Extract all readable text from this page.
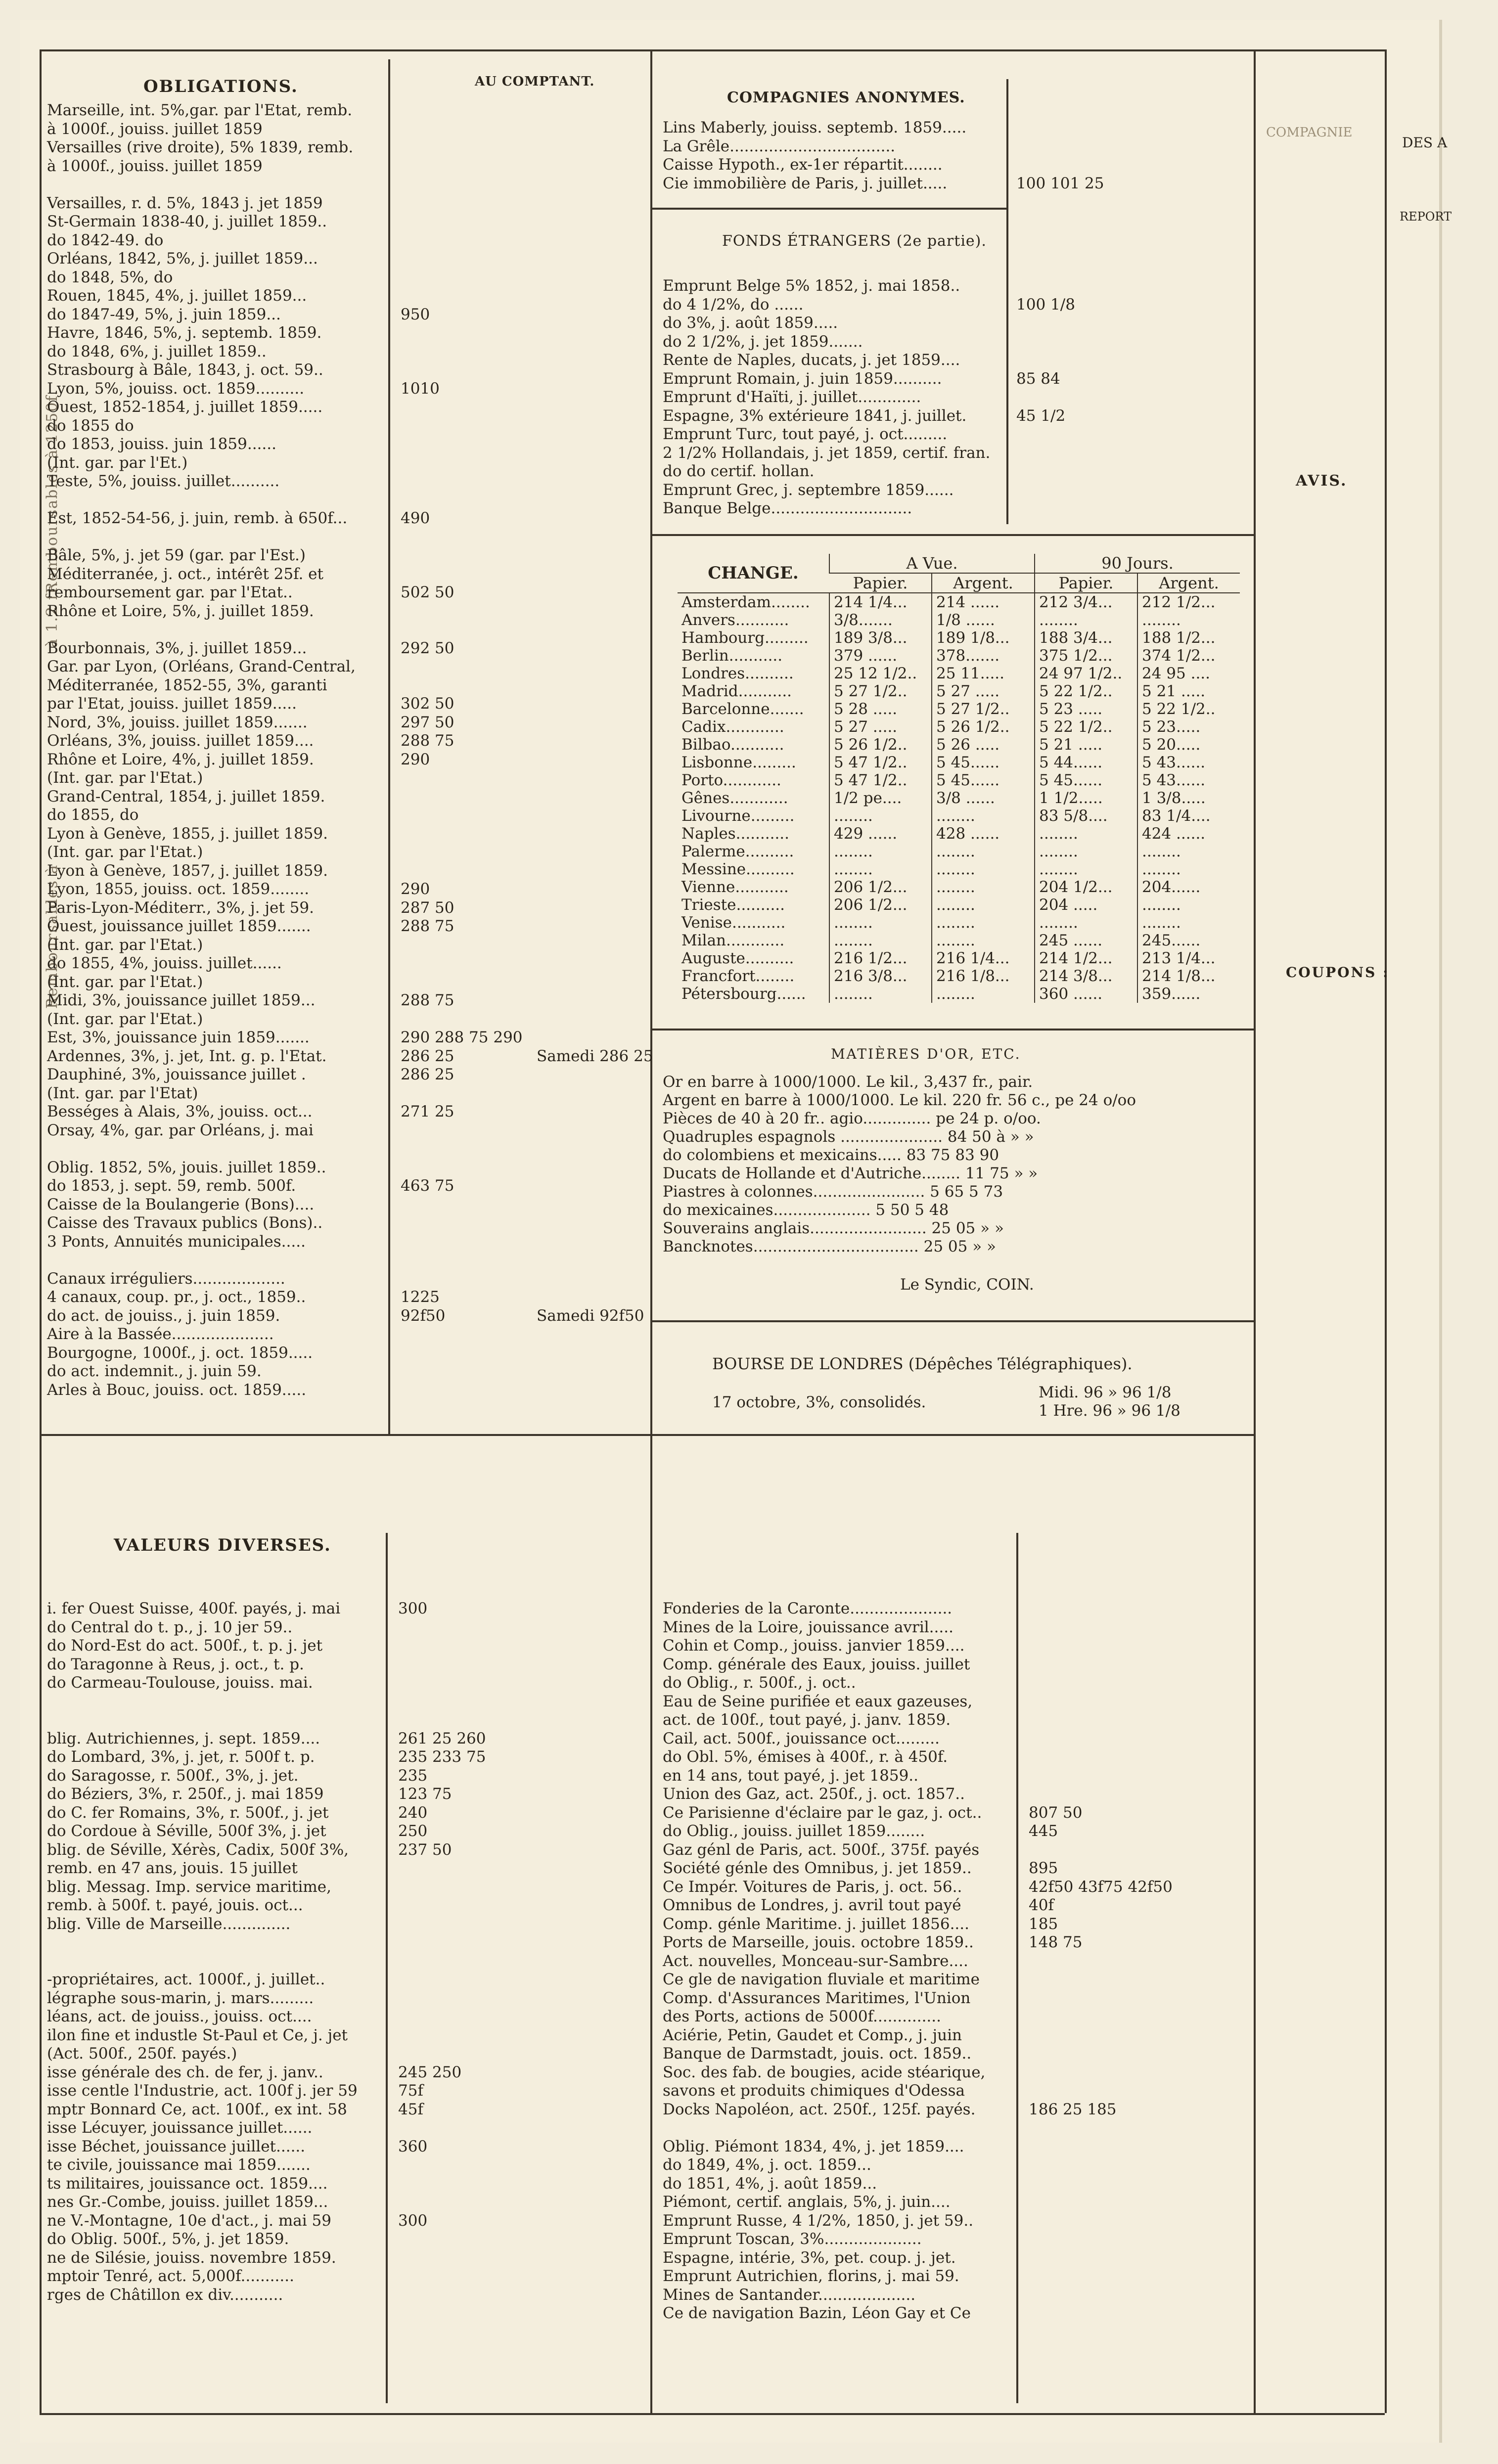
Remboursables à 1250f.
à 1.2 fr.
Remboursables à
OBLIGATIONS.	AU COMPTANT.
Marseille, int. 5%,gar. par l'Etat, remb.
à 1000f., jouiss. juillet 1859
Versailles (rive droite), 5% 1839, remb.
à 1000f., jouiss. juillet 1859
Versailles, r. d. 5%, 1843 j. jet 1859
St-Germain 1838-40, j. juillet 1859..
do 1842-49. do
Orléans, 1842, 5%, j. juillet 1859...
do 1848, 5%, do
Rouen, 1845, 4%, j. juillet 1859...
do 1847-49, 5%, j. juin 1859...	950
Havre, 1846, 5%, j. septemb. 1859.
do 1848, 6%, j. juillet 1859..
Strasbourg à Bâle, 1843, j. oct. 59..
Lyon, 5%, jouiss. oct. 1859..........	1010
Ouest, 1852-1854, j. juillet 1859.....
do 1855 do
do 1853, jouiss. juin 1859......
(Int. gar. par l'Et.)
Teste, 5%, jouiss. juillet..........
Est, 1852-54-56, j. juin, remb. à 650f...	490
Bâle, 5%, j. jet 59 (gar. par l'Est.)
Méditerranée, j. oct., intérêt 25f. et
remboursement gar. par l'Etat..	502 50
Rhône et Loire, 5%, j. juillet 1859.
Bourbonnais, 3%, j. juillet 1859...	292 50
Gar. par Lyon, (Orléans, Grand-Central,
Méditerranée, 1852-55, 3%, garanti
par l'Etat, jouiss. juillet 1859.....	302 50
Nord, 3%, jouiss. juillet 1859.......	297 50
Orléans, 3%, jouiss. juillet 1859....	288 75
Rhône et Loire, 4%, j. juillet 1859.	290
(Int. gar. par l'Etat.)
Grand-Central, 1854, j. juillet 1859.
do 1855, do
Lyon à Genève, 1855, j. juillet 1859.
(Int. gar. par l'Etat.)
Lyon à Genève, 1857, j. juillet 1859.
Lyon, 1855, jouiss. oct. 1859........	290
Paris-Lyon-Méditerr., 3%, j. jet 59.	287 50
Ouest, jouissance juillet 1859.......	288 75
(Int. gar. par l'Etat.)
do 1855, 4%, jouiss. juillet......
(Int. gar. par l'Etat.)
Midi, 3%, jouissance juillet 1859...	288 75
(Int. gar. par l'Etat.)
Est, 3%, jouissance juin 1859.......	290 288 75 290
Ardennes, 3%, j. jet, Int. g. p. l'Etat.	286 25	Samedi 286 25
Dauphiné, 3%, jouissance juillet .	286 25
(Int. gar. par l'Etat)
Bességes à Alais, 3%, jouiss. oct...	271 25
Orsay, 4%, gar. par Orléans, j. mai
Oblig. 1852, 5%, jouis. juillet 1859..
do 1853, j. sept. 59, remb. 500f.	463 75
Caisse de la Boulangerie (Bons)....
Caisse des Travaux publics (Bons)..
3 Ponts, Annuités municipales.....
Canaux irréguliers...................
4 canaux, coup. pr., j. oct., 1859..	1225
do act. de jouiss., j. juin 1859.	92f50	Samedi 92f50
Aire à la Bassée.....................
Bourgogne, 1000f., j. oct. 1859.....
do act. indemnit., j. juin 59.
Arles à Bouc, jouiss. oct. 1859.....
COMPAGNIES ANONYMES.
Lins Maberly, jouiss. septemb. 1859.....
La Grêle..................................
Caisse Hypoth., ex-1er répartit........
Cie immobilière de Paris, j. juillet.....	100 101 25
FONDS ÉTRANGERS (2e partie).
Emprunt Belge 5% 1852, j. mai 1858..
do 4 1/2%, do ......	100 1/8
do 3%, j. août 1859.....
do 2 1/2%, j. jet 1859.......
Rente de Naples, ducats, j. jet 1859....
Emprunt Romain, j. juin 1859..........	85 84
Emprunt d'Haïti, j. juillet.............
Espagne, 3% extérieure 1841, j. juillet.	45 1/2
Emprunt Turc, tout payé, j. oct.........
2 1/2% Hollandais, j. jet 1859, certif. fran.
do do certif. hollan.
Emprunt Grec, j. septembre 1859......
Banque Belge.............................
CHANGE.	A Vue.		90 Jours.	
	Papier.	Argent.	Papier.	Argent.
Amsterdam........	214 1/4...	214 ......	212 3/4...	212 1/2...
Anvers...........	3/8.......	1/8 ......	........	........
Hambourg.........	189 3/8...	189 1/8...	188 3/4...	188 1/2...
Berlin...........	379 ......	378.......	375 1/2...	374 1/2...
Londres..........	25 12 1/2..	25 11.....	24 97 1/2..	24 95 ....
Madrid...........	5 27 1/2..	5 27 .....	5 22 1/2..	5 21 .....
Barcelonne.......	5 28 .....	5 27 1/2..	5 23 .....	5 22 1/2..
Cadix............	5 27 .....	5 26 1/2..	5 22 1/2..	5 23.....
Bilbao...........	5 26 1/2..	5 26 .....	5 21 .....	5 20.....
Lisbonne.........	5 47 1/2..	5 45......	5 44......	5 43......
Porto............	5 47 1/2..	5 45......	5 45......	5 43......
Gênes............	1/2 pe....	3/8 ......	1 1/2.....	1 3/8.....
Livourne.........	........	........	83 5/8....	83 1/4....
Naples...........	429 ......	428 ......	........	424 ......
Palerme..........	........	........	........	........
Messine..........	........	........	........	........
Vienne...........	206 1/2...	........	204 1/2...	204......
Trieste..........	206 1/2...	........	204 .....	........
Venise...........	........	........	........	........
Milan............	........	........	245 ......	245......
Auguste..........	216 1/2...	216 1/4...	214 1/2...	213 1/4...
Francfort........	216 3/8...	216 1/8...	214 3/8...	214 1/8...
Pétersbourg......	........	........	360 ......	359......
MATIÈRES D'OR, ETC.
Or en barre à 1000/1000. Le kil., 3,437 fr., pair.
Argent en barre à 1000/1000. Le kil. 220 fr. 56 c., pe 24 o/oo
Pièces de 40 à 20 fr.. agio.............. pe 24 p. o/oo.
Quadruples espagnols ..................... 84 50 à » »
do colombiens et mexicains..... 83 75 83 90
Ducats de Hollande et d'Autriche........ 11 75 » »
Piastres à colonnes....................... 5 65 5 73
do mexicaines.................... 5 50 5 48
Souverains anglais........................ 25 05 » »
Bancknotes.................................. 25 05 » »
Le Syndic, COIN.
BOURSE DE LONDRES (Dépêches Télégraphiques).
17 octobre, 3%, consolidés.
Midi. 96 » 96 1/8
1 Hre. 96 » 96 1/8
VALEURS DIVERSES.
i. fer Ouest Suisse, 400f. payés, j. mai	300
do Central do t. p., j. 10 jer 59..
do Nord-Est do act. 500f., t. p. j. jet
do Taragonne à Reus, j. oct., t. p.
do Carmeau-Toulouse, jouiss. mai.
blig. Autrichiennes, j. sept. 1859....	261 25 260
do Lombard, 3%, j. jet, r. 500f t. p.	235 233 75
do Saragosse, r. 500f., 3%, j. jet.	235
do Béziers, 3%, r. 250f., j. mai 1859	123 75
do C. fer Romains, 3%, r. 500f., j. jet	240
do Cordoue à Séville, 500f 3%, j. jet	250
blig. de Séville, Xérès, Cadix, 500f 3%,	237 50
remb. en 47 ans, jouis. 15 juillet
blig. Messag. Imp. service maritime,
remb. à 500f. t. payé, jouis. oct...
blig. Ville de Marseille..............
-propriétaires, act. 1000f., j. juillet..
légraphe sous-marin, j. mars.........
léans, act. de jouiss., jouiss. oct....
ilon fine et industle St-Paul et Ce, j. jet
(Act. 500f., 250f. payés.)
isse générale des ch. de fer, j. janv..	245 250
isse centle l'Industrie, act. 100f j. jer 59	75f
mptr Bonnard Ce, act. 100f., ex int. 58	45f
isse Lécuyer, jouissance juillet......
isse Béchet, jouissance juillet......	360
te civile, jouissance mai 1859.......
ts militaires, jouissance oct. 1859....
nes Gr.-Combe, jouiss. juillet 1859...
ne V.-Montagne, 10e d'act., j. mai 59	300
do Oblig. 500f., 5%, j. jet 1859.
ne de Silésie, jouiss. novembre 1859.
mptoir Tenré, act. 5,000f...........
rges de Châtillon ex div...........
Fonderies de la Caronte.....................
Mines de la Loire, jouissance avril.....
Cohin et Comp., jouiss. janvier 1859....
Comp. générale des Eaux, jouiss. juillet
do Oblig., r. 500f., j. oct..
Eau de Seine purifiée et eaux gazeuses,
act. de 100f., tout payé, j. janv. 1859.
Cail, act. 500f., jouissance oct.........
do Obl. 5%, émises à 400f., r. à 450f.
en 14 ans, tout payé, j. jet 1859..
Union des Gaz, act. 250f., j. oct. 1857..
Ce Parisienne d'éclaire par le gaz, j. oct..	807 50
do Oblig., jouiss. juillet 1859........	445
Gaz génl de Paris, act. 500f., 375f. payés
Société génle des Omnibus, j. jet 1859..	895
Ce Impér. Voitures de Paris, j. oct. 56..	42f50 43f75 42f50
Omnibus de Londres, j. avril tout payé	40f
Comp. génle Maritime. j. juillet 1856....	185
Ports de Marseille, jouis. octobre 1859..	148 75
Act. nouvelles, Monceau-sur-Sambre....
Ce gle de navigation fluviale et maritime
Comp. d'Assurances Maritimes, l'Union
des Ports, actions de 5000f..............
Aciérie, Petin, Gaudet et Comp., j. juin
Banque de Darmstadt, jouis. oct. 1859..
Soc. des fab. de bougies, acide stéarique,
savons et produits chimiques d'Odessa
Docks Napoléon, act. 250f., 125f. payés.	186 25 185
Oblig. Piémont 1834, 4%, j. jet 1859....
do 1849, 4%, j. oct. 1859...
do 1851, 4%, j. août 1859...
Piémont, certif. anglais, 5%, j. juin....
Emprunt Russe, 4 1/2%, 1850, j. jet 59..
Emprunt Toscan, 3%....................
Espagne, intérie, 3%, pet. coup. j. jet.
Emprunt Autrichien, florins, j. mai 59.
Mines de Santander....................
Ce de navigation Bazin, Léon Gay et Ce
AVIS.
COUPONS :
DES A
REPORT
COMPAGNIE
